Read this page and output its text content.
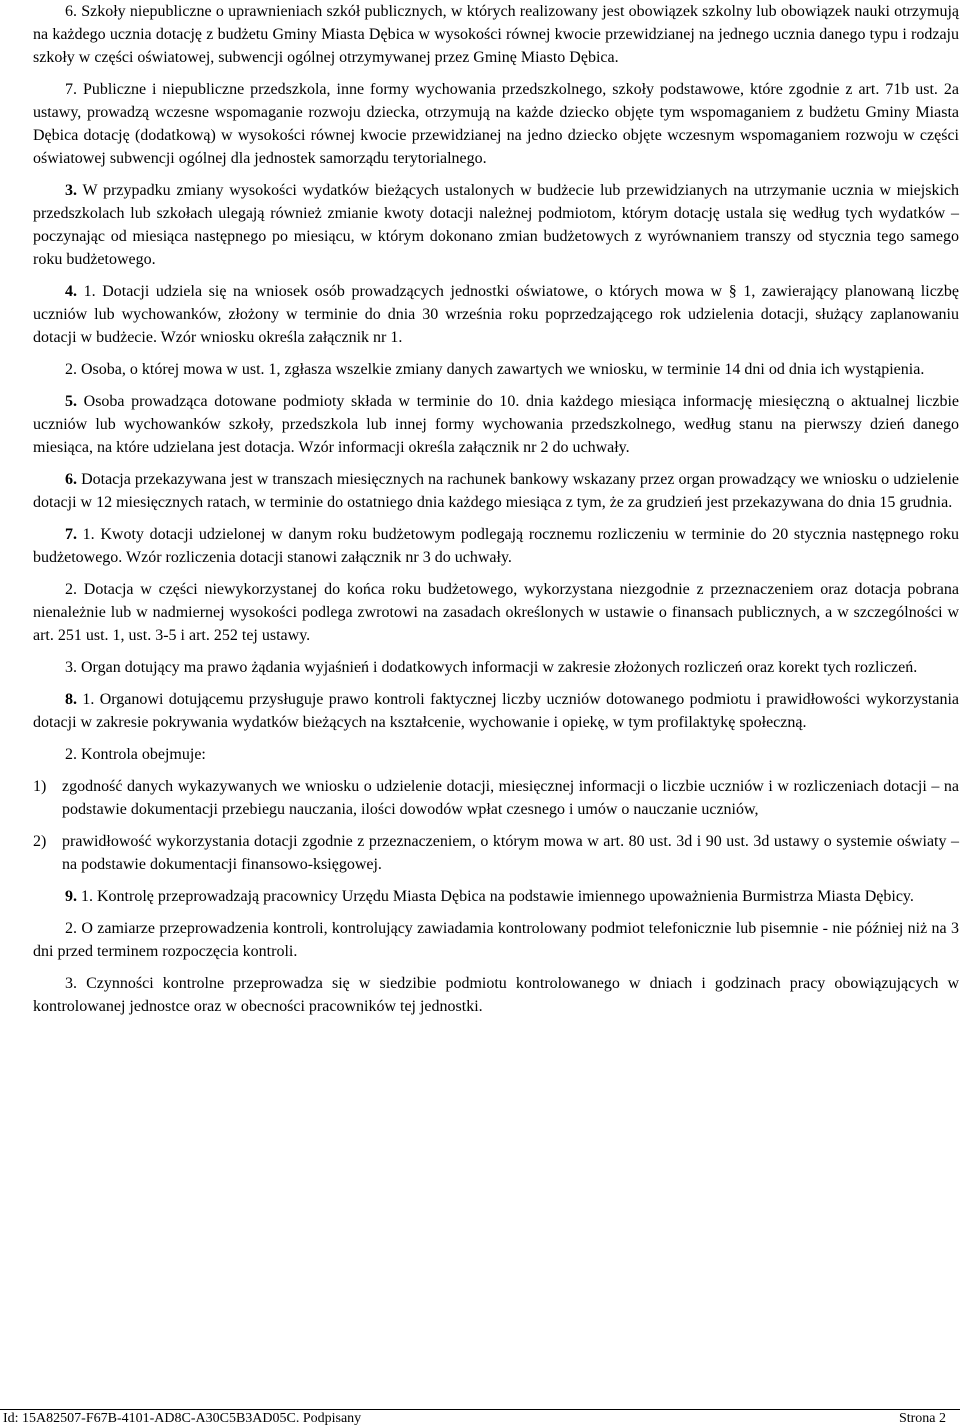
6. Szkoły niepubliczne o uprawnieniach szkół publicznych, w których realizowany jest obowiązek szkolny lub obowiązek nauki otrzymują na każdego ucznia dotację z budżetu Gminy Miasta Dębica w wysokości równej kwocie przewidzianej na jednego ucznia danego typu i rodzaju szkoły w części oświatowej, subwencji ogólnej otrzymywanej przez Gminę Miasto Dębica.

7. Publiczne i niepubliczne przedszkola, inne formy wychowania przedszkolnego, szkoły podstawowe, które zgodnie z art. 71b ust. 2a ustawy, prowadzą wczesne wspomaganie rozwoju dziecka, otrzymują na każde dziecko objęte tym wspomaganiem z budżetu Gminy Miasta Dębica dotację (dodatkową) w wysokości równej kwocie przewidzianej na jedno dziecko objęte wczesnym wspomaganiem rozwoju w części oświatowej subwencji ogólnej dla jednostek samorządu terytorialnego.

3. W przypadku zmiany wysokości wydatków bieżących ustalonych w budżecie lub przewidzianych na utrzymanie ucznia w miejskich przedszkolach lub szkołach ulegają również zmianie kwoty dotacji należnej podmiotom, którym dotację ustala się według tych wydatków – poczynając od miesiąca następnego po miesiącu, w którym dokonano zmian budżetowych z wyrównaniem transzy od stycznia tego samego roku budżetowego.

4. 1. Dotacji udziela się na wniosek osób prowadzących jednostki oświatowe, o których mowa w § 1, zawierający planowaną liczbę uczniów lub wychowanków, złożony w terminie do dnia 30 września roku poprzedzającego rok udzielenia dotacji, służący zaplanowaniu dotacji w budżecie. Wzór wniosku określa załącznik nr 1.

2. Osoba, o której mowa w ust. 1, zgłasza wszelkie zmiany danych zawartych we wniosku, w terminie 14 dni od dnia ich wystąpienia.

5. Osoba prowadząca dotowane podmioty składa w terminie do 10. dnia każdego miesiąca informację miesięczną o aktualnej liczbie uczniów lub wychowanków szkoły, przedszkola lub innej formy wychowania przedszkolnego, według stanu na pierwszy dzień danego miesiąca, na które udzielana jest dotacja. Wzór informacji określa załącznik nr 2 do uchwały.

6. Dotacja przekazywana jest w transzach miesięcznych na rachunek bankowy wskazany przez organ prowadzący we wniosku o udzielenie dotacji w 12 miesięcznych ratach, w terminie do ostatniego dnia każdego miesiąca z tym, że za grudzień jest przekazywana do dnia 15 grudnia.

7. 1. Kwoty dotacji udzielonej w danym roku budżetowym podlegają rocznemu rozliczeniu w terminie do 20 stycznia następnego roku budżetowego. Wzór rozliczenia dotacji stanowi załącznik nr 3 do uchwały.

2. Dotacja w części niewykorzystanej do końca roku budżetowego, wykorzystana niezgodnie z przeznaczeniem oraz dotacja pobrana nienależnie lub w nadmiernej wysokości podlega zwrotowi na zasadach określonych w ustawie o finansach publicznych, a w szczególności w art. 251 ust. 1, ust. 3-5 i art. 252 tej ustawy.

3. Organ dotujący ma prawo żądania wyjaśnień i dodatkowych informacji w zakresie złożonych rozliczeń oraz korekt tych rozliczeń.

8. 1. Organowi dotującemu przysługuje prawo kontroli faktycznej liczby uczniów dotowanego podmiotu i prawidłowości wykorzystania dotacji w zakresie pokrywania wydatków bieżących na kształcenie, wychowanie i opiekę, w tym profilaktykę społeczną.

2. Kontrola obejmuje:

1) zgodność danych wykazywanych we wniosku o udzielenie dotacji, miesięcznej informacji o liczbie uczniów i w rozliczeniach dotacji – na podstawie dokumentacji przebiegu nauczania, ilości dowodów wpłat czesnego i umów o nauczanie uczniów,
2) prawidłowość wykorzystania dotacji zgodnie z przeznaczeniem, o którym mowa w art. 80 ust. 3d i 90 ust. 3d ustawy o systemie oświaty – na podstawie dokumentacji finansowo-księgowej.

9. 1. Kontrolę przeprowadzają pracownicy Urzędu Miasta Dębica na podstawie imiennego upoważnienia Burmistrza Miasta Dębicy.

2. O zamiarze przeprowadzenia kontroli, kontrolujący zawiadamia kontrolowany podmiot telefonicznie lub pisemnie - nie później niż na 3 dni przed terminem rozpoczęcia kontroli.

3. Czynności kontrolne przeprowadza się w siedzibie podmiotu kontrolowanego w dniach i godzinach pracy obowiązujących w kontrolowanej jednostce oraz w obecności pracowników tej jednostki.

Id: 15A82507-F67B-4101-AD8C-A30C5B3AD05C. Podpisany	Strona 2
